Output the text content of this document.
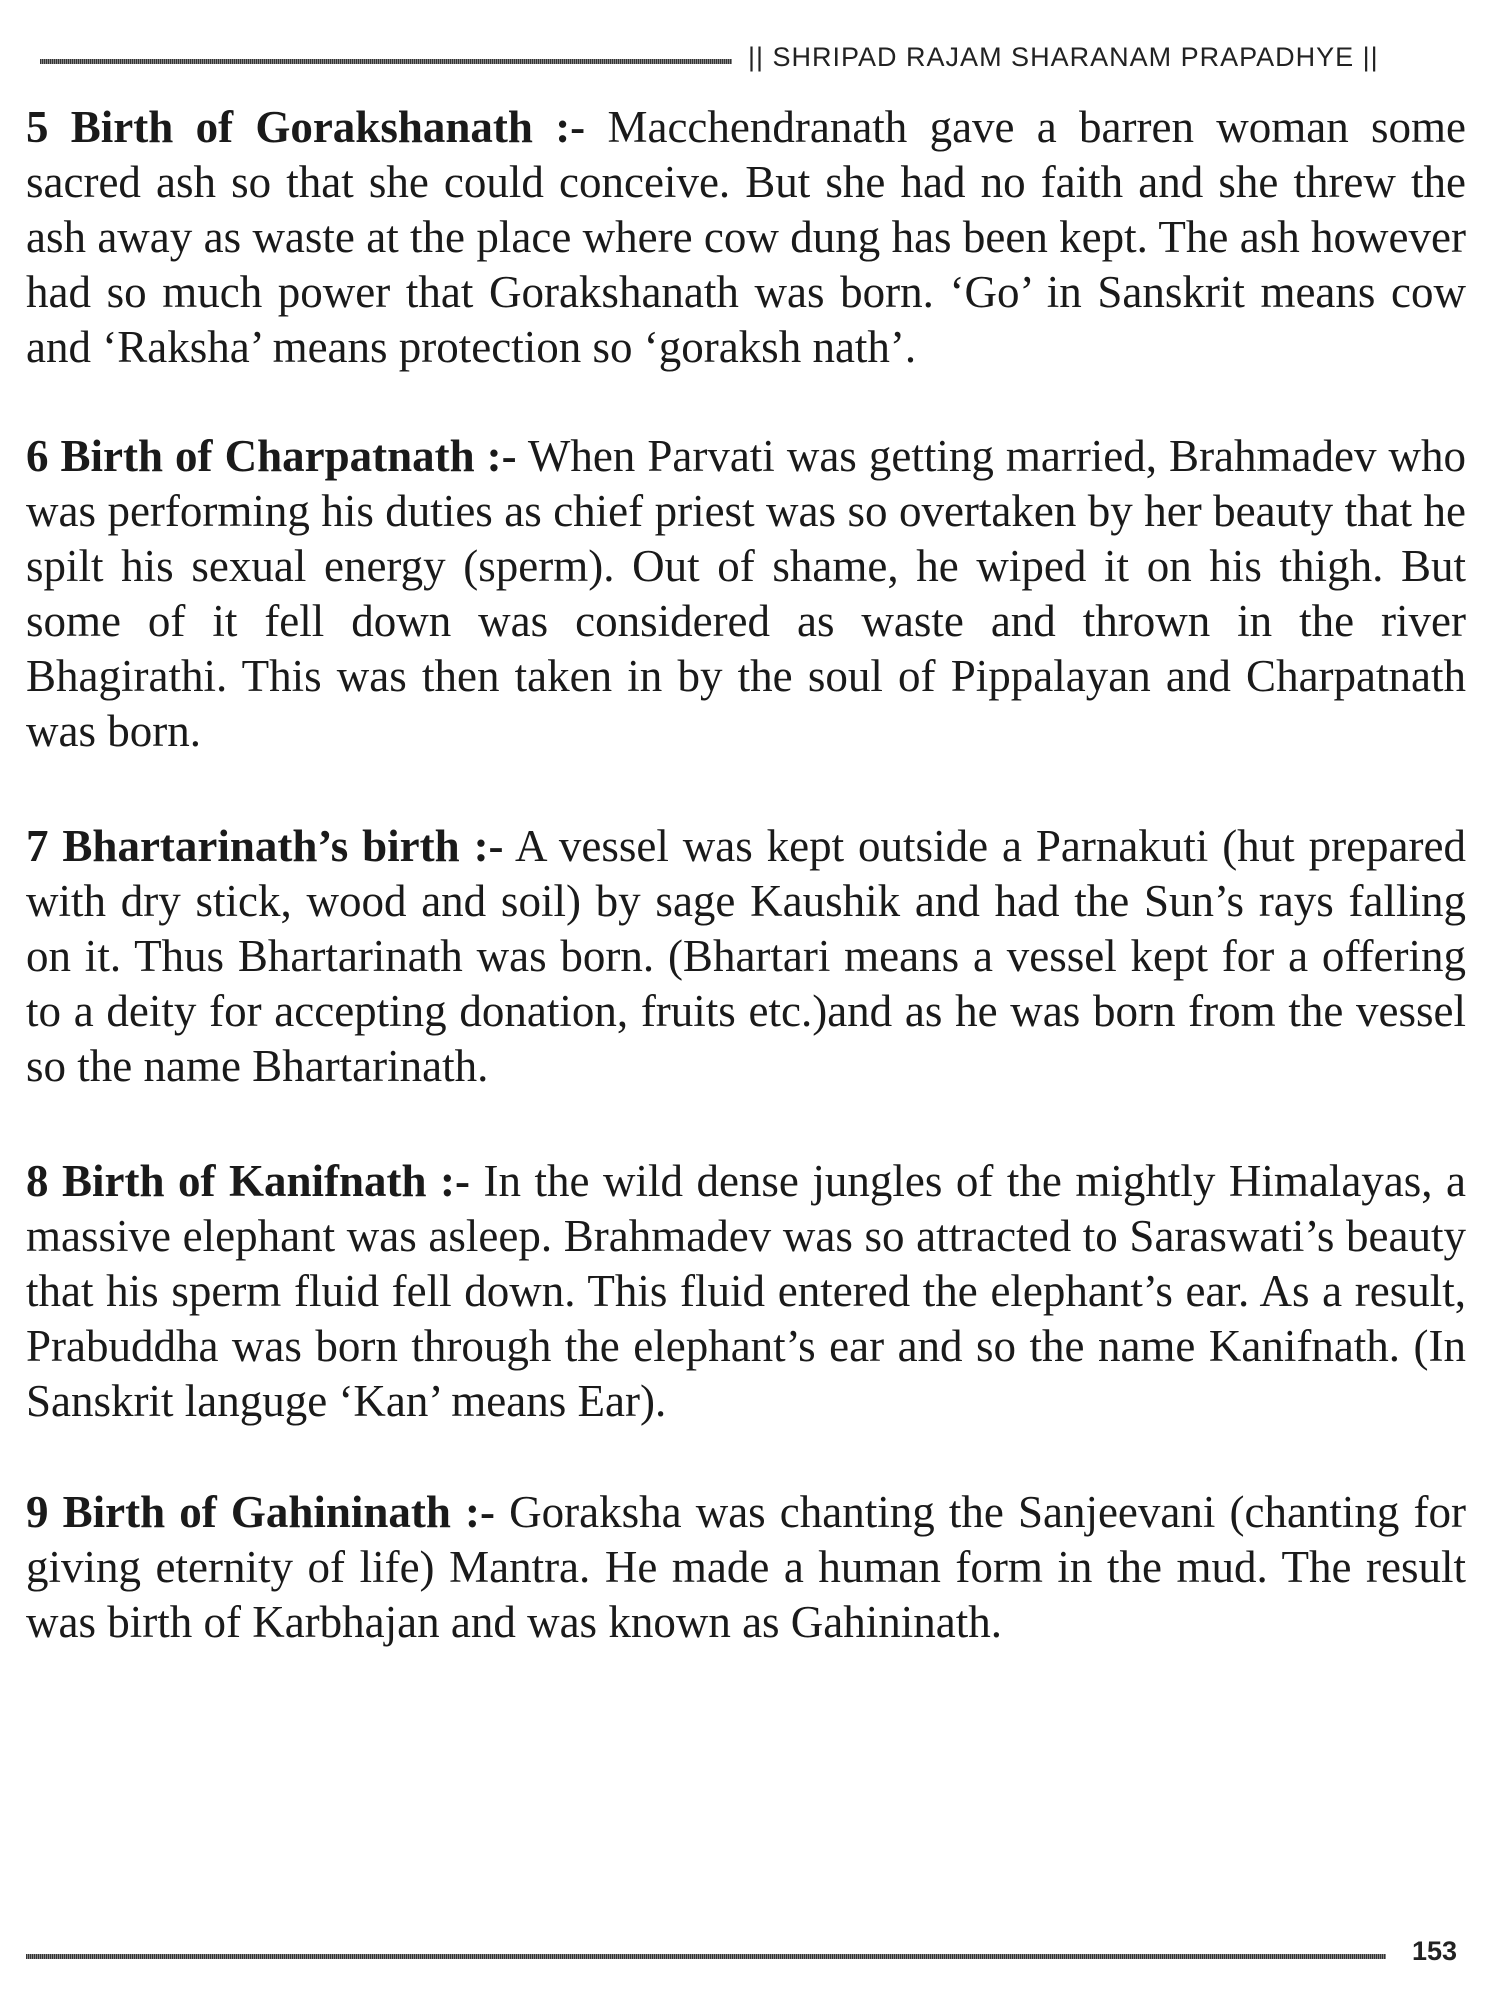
|| SHRIPAD RAJAM SHARANAM PRAPADHYE ||

5 Birth of Gorakshanath :- Macchendranath gave a barren woman some sacred ash so that she could conceive. But she had no faith and she threw the ash away as waste at the place where cow dung has been kept. The ash however had so much power that Gorakshanath was born. ‘Go’ in Sanskrit means cow and ‘Raksha’ means protection so ‘goraksh nath’.

6 Birth of Charpatnath :- When Parvati was getting married, Brahmadev who was performing his duties as chief priest was so overtaken by her beauty that he spilt his sexual energy (sperm). Out of shame, he wiped it on his thigh. But some of it fell down was considered as waste and thrown in the river Bhagirathi. This was then taken in by the soul of Pippalayan and Charpatnath was born.

7 Bhartarinath’s birth :- A vessel was kept outside a Parnakuti (hut prepared with dry stick, wood and soil) by sage Kaushik and had the Sun’s rays falling on it. Thus Bhartarinath was born. (Bhartari means a vessel kept for a offering to a deity for accepting donation, fruits etc.)and as he was born from the vessel so the name Bhartarinath.

8 Birth of Kanifnath :- In the wild dense jungles of the mightly Himalayas, a massive elephant was asleep. Brahmadev was so attracted to Saraswati’s beauty that his sperm fluid fell down. This fluid entered the elephant’s ear. As a result, Prabuddha was born through the elephant’s ear and so the name Kanifnath. (In Sanskrit languge ‘Kan’ means Ear).

9 Birth of Gahininath :- Goraksha was chanting the Sanjeevani (chanting for giving eternity of life) Mantra. He made a human form in the mud. The result was birth of Karbhajan and was known as Gahininath.

153
